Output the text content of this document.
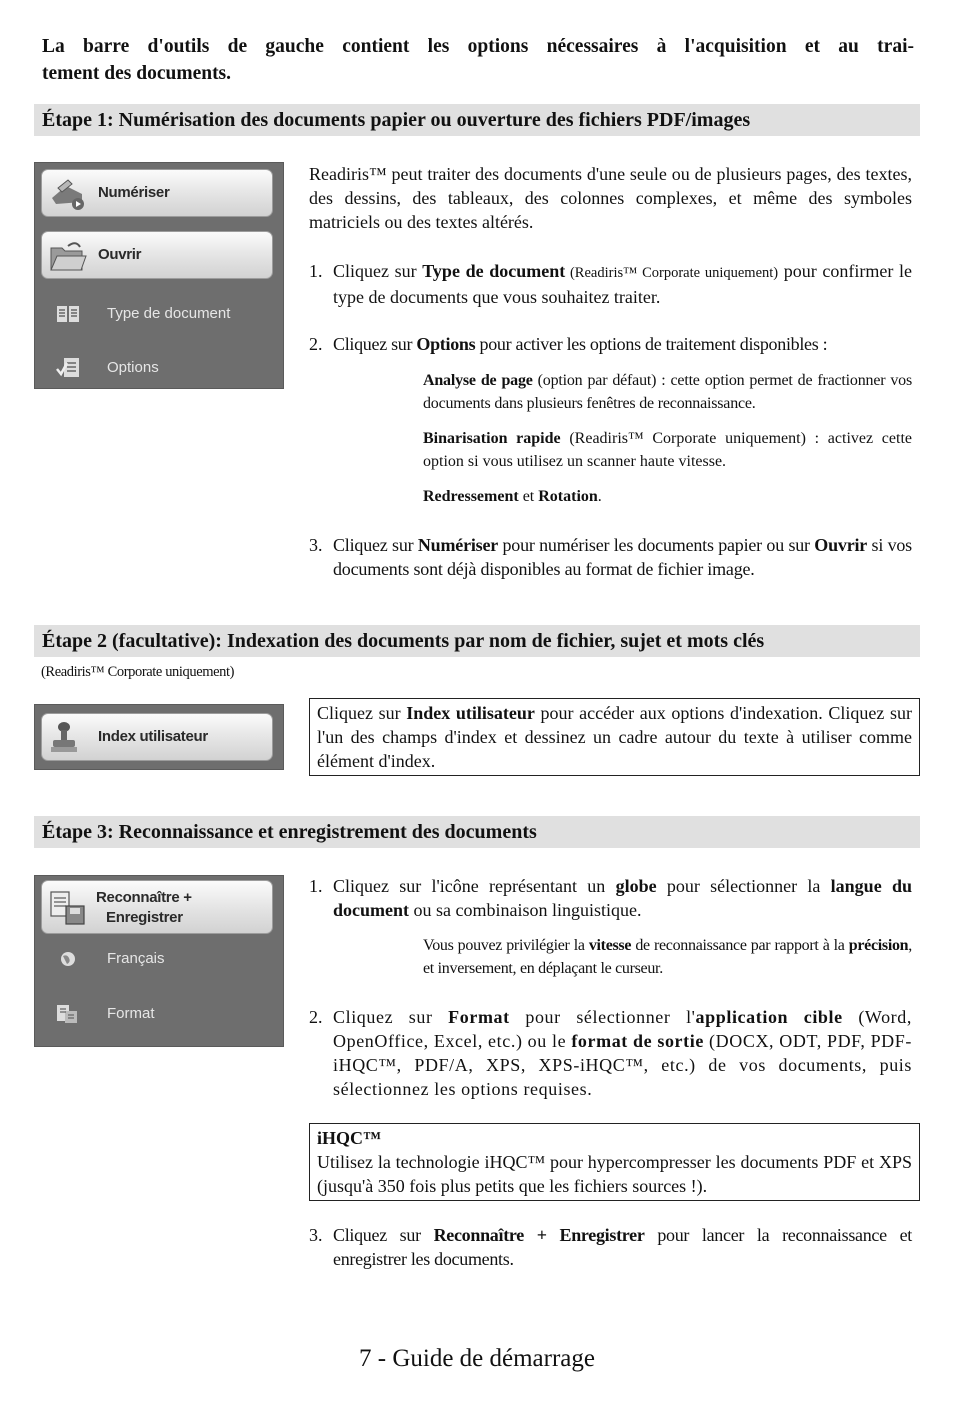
La barre d'outils de gauche contient les options nécessaires à l'acquisition et au trai-
tement des documents.
Étape 1: Numérisation des documents papier ou ouverture des fichiers PDF/images
Numériser
Ouvrir
Type de document
Options
Readiris™ peut traiter des documents d'une seule ou de plusieurs pages, des textes, des dessins, des tableaux, des colonnes complexes, et même des symboles matriciels ou des textes altérés.
1. Cliquez sur Type de document (Readiris™ Corporate uniquement) pour confirmer le type de documents que vous souhaitez traiter.
2. Cliquez sur Options pour activer les options de traitement disponibles :
Analyse de page (option par défaut) : cette option permet de fractionner vos documents dans plusieurs fenêtres de reconnaissance.
Binarisation rapide (Readiris™ Corporate uniquement) : activez cette option si vous utilisez un scanner haute vitesse.
Redressement et Rotation.
3. Cliquez sur Numériser pour numériser les documents papier ou sur Ouvrir si vos documents sont déjà disponibles au format de fichier image.
Étape 2 (facultative): Indexation des documents par nom de fichier, sujet et mots clés
(Readiris™ Corporate uniquement)
Index utilisateur
Cliquez sur Index utilisateur pour accéder aux options d'indexation. Cliquez sur l'un des champs d'index et dessinez un cadre autour du texte à utiliser comme élément d'index.
Étape 3: Reconnaissance et enregistrement des documents
Reconnaître +
Enregistrer
Français
Format
1. Cliquez sur l'icône représentant un globe pour sélectionner la langue du document ou sa combinaison linguistique.
Vous pouvez privilégier la vitesse de reconnaissance par rapport à la précision, et inversement, en déplaçant le curseur.
2. Cliquez sur Format pour sélectionner l'application cible (Word, OpenOffice, Excel, etc.) ou le format de sortie (DOCX, ODT, PDF, PDF-iHQC™, PDF/A, XPS, XPS-iHQC™, etc.) de vos documents, puis sélectionnez les options requises.
iHQC™
Utilisez la technologie iHQC™ pour hypercompresser les documents PDF et XPS (jusqu'à 350 fois plus petits que les fichiers sources !).
3. Cliquez sur Reconnaître + Enregistrer pour lancer la reconnaissance et enregistrer les documents.
7 - Guide de démarrage
